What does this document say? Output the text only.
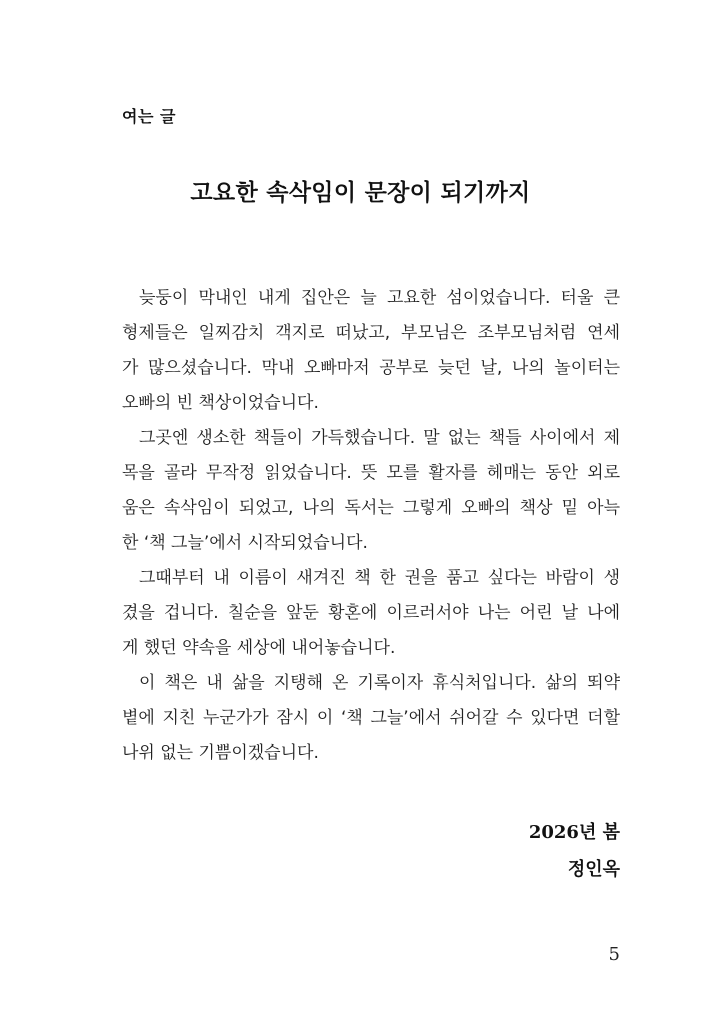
여는 글
고요한 속삭임이 문장이 되기까지
늦둥이 막내인 내게 집안은 늘 고요한 섬이었습니다. 터울 큰
형제들은 일찌감치 객지로 떠났고, 부모님은 조부모님처럼 연세
가 많으셨습니다. 막내 오빠마저 공부로 늦던 날, 나의 놀이터는
오빠의 빈 책상이었습니다.
그곳엔 생소한 책들이 가득했습니다. 말 없는 책들 사이에서 제
목을 골라 무작정 읽었습니다. 뜻 모를 활자를 헤매는 동안 외로
움은 속삭임이 되었고, 나의 독서는 그렇게 오빠의 책상 밑 아늑
한 ‘책 그늘’에서 시작되었습니다.
그때부터 내 이름이 새겨진 책 한 권을 품고 싶다는 바람이 생
겼을 겁니다. 칠순을 앞둔 황혼에 이르러서야 나는 어린 날 나에
게 했던 약속을 세상에 내어놓습니다.
이 책은 내 삶을 지탱해 온 기록이자 휴식처입니다. 삶의 뙤약
볕에 지친 누군가가 잠시 이 ‘책 그늘’에서 쉬어갈 수 있다면 더할
나위 없는 기쁨이겠습니다.
2026년 봄
정인옥
5
